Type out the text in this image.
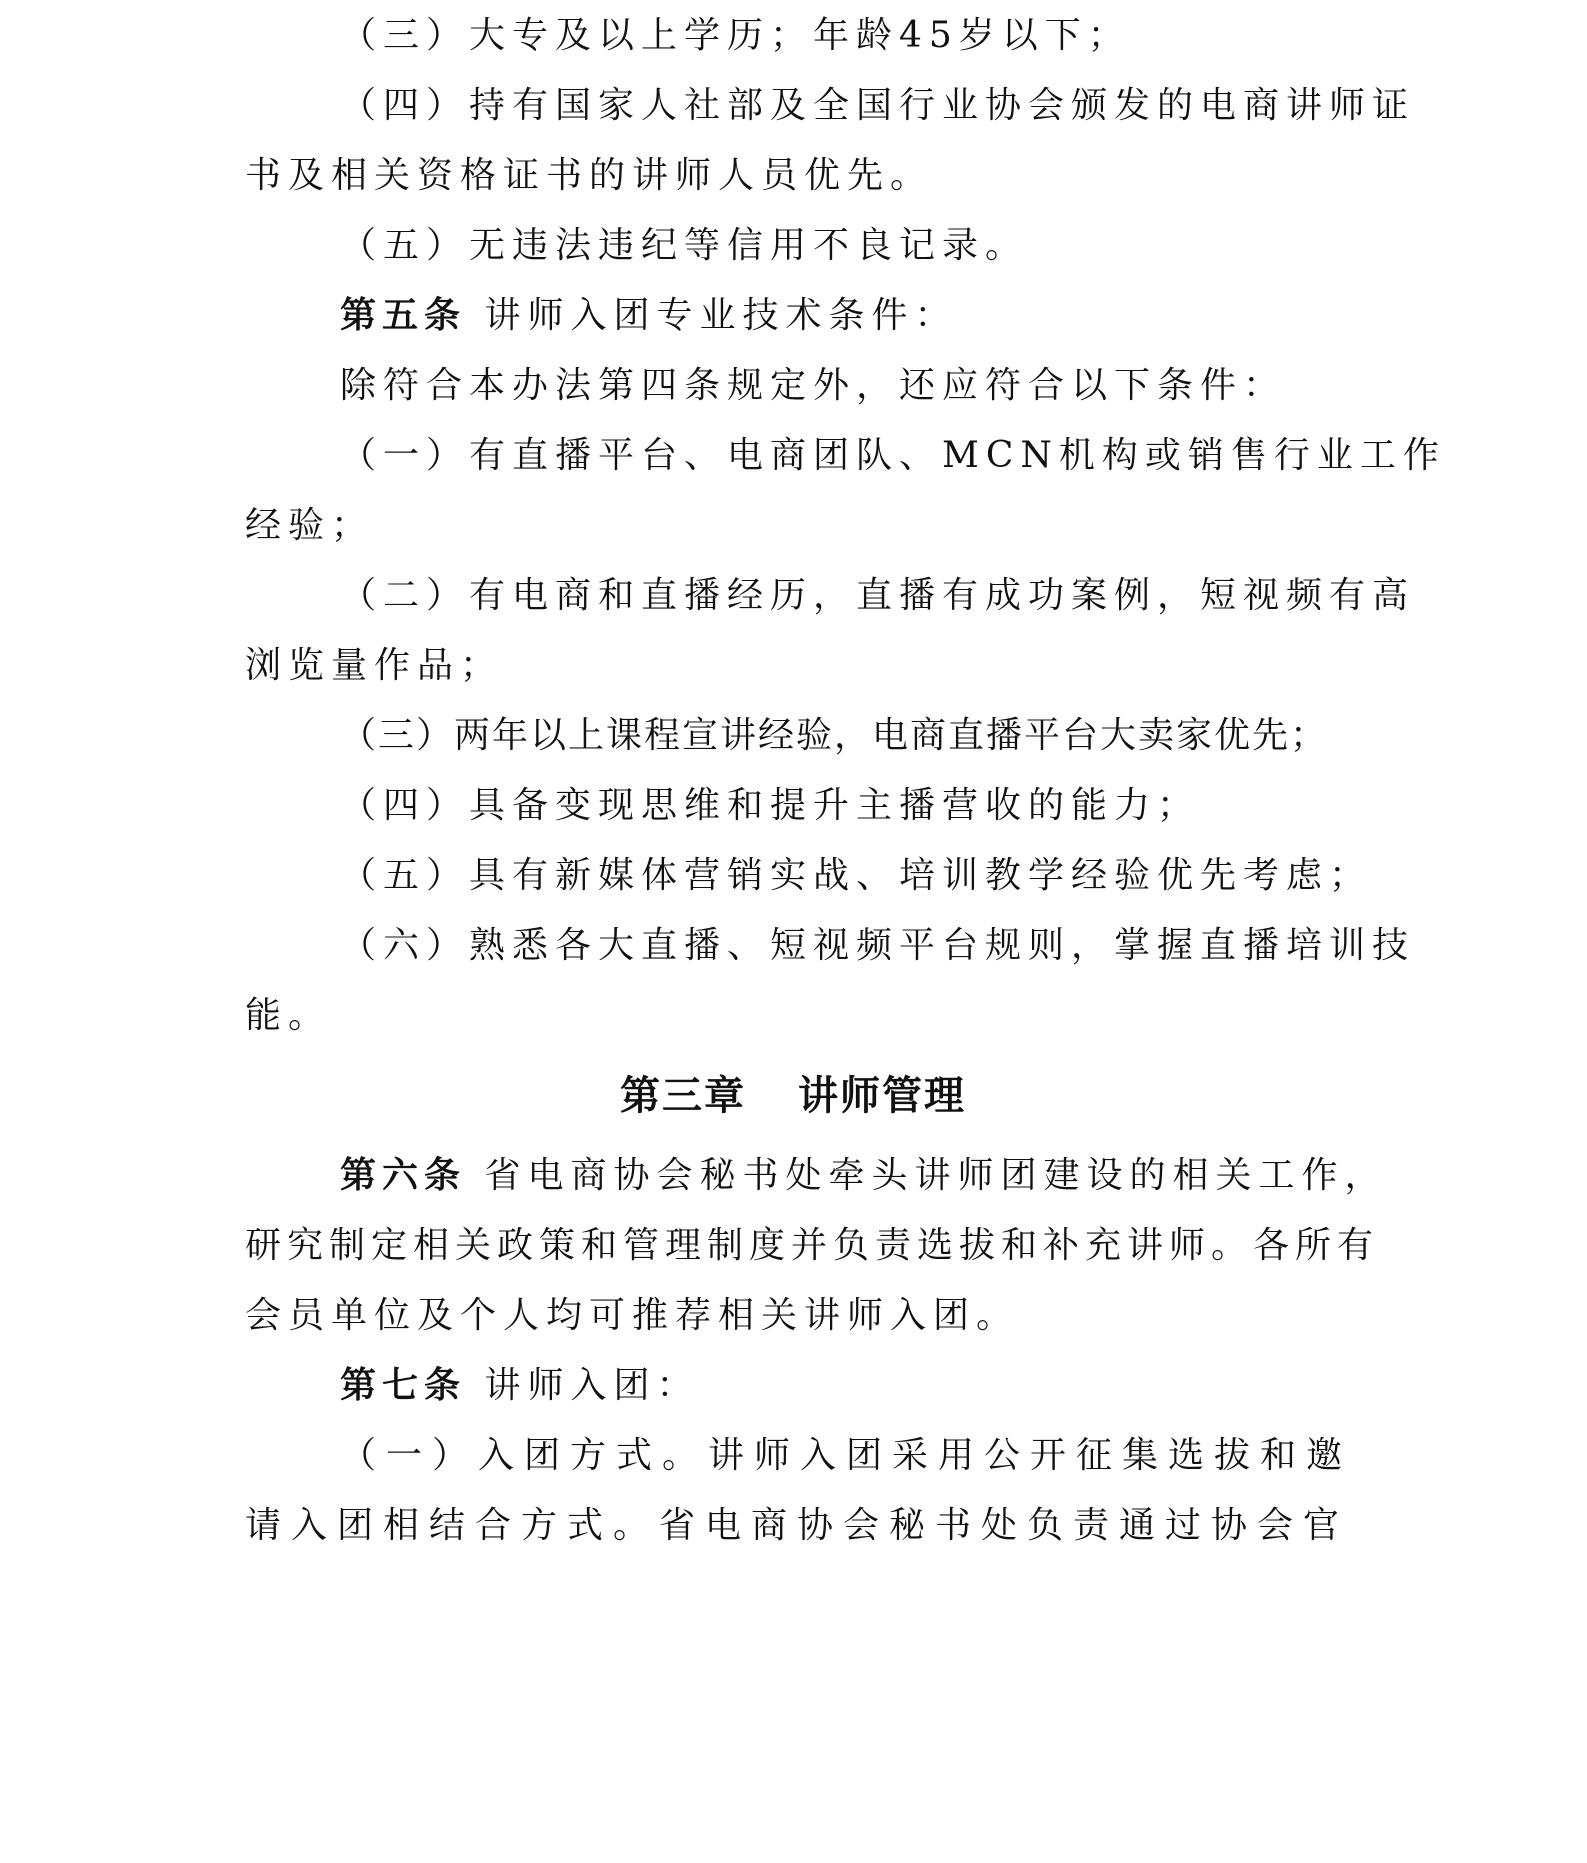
（三）大专及以上学历；年龄45岁以下；
（四）持有国家人社部及全国行业协会颁发的电商讲师证
书及相关资格证书的讲师人员优先。
（五）无违法违纪等信用不良记录。
第五条 讲师入团专业技术条件：
除符合本办法第四条规定外，还应符合以下条件：
（一）有直播平台、电商团队、MCN机构或销售行业工作
经验；
（二）有电商和直播经历，直播有成功案例，短视频有高
浏览量作品；
（三）两年以上课程宣讲经验，电商直播平台大卖家优先；
（四）具备变现思维和提升主播营收的能力；
（五）具有新媒体营销实战、培训教学经验优先考虑；
（六）熟悉各大直播、短视频平台规则，掌握直播培训技
能。
第三章 讲师管理
第六条 省电商协会秘书处牵头讲师团建设的相关工作，
研究制定相关政策和管理制度并负责选拔和补充讲师。各所有
会员单位及个人均可推荐相关讲师入团。
第七条 讲师入团：
（一）入团方式。讲师入团采用公开征集选拔和邀
请入团相结合方式。省电商协会秘书处负责通过协会官
